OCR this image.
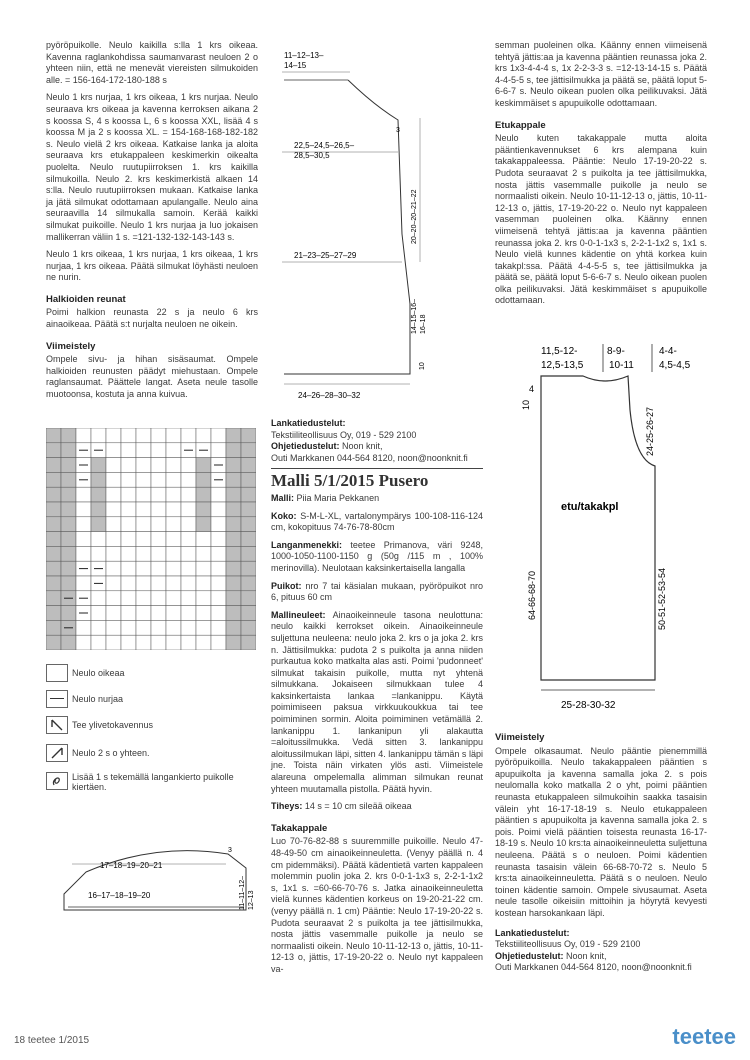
pyöröpuikolle. Neulo kaikilla s:lla 1 krs oikeaa. Kavenna raglankohdissa saumanvarast neuloen 2 o yhteen niin, että ne menevät viereisten silmukoiden alle. = 156-164-172-180-188 s

Neulo 1 krs nurjaa, 1 krs oikeaa, 1 krs nurjaa. Neulo seuraava krs oikeaa ja kavenna kerroksen aikana 2 s koossa S, 4 s koossa L, 6 s koossa XXL, lisää 4 s koossa M ja 2 s koossa XL. = 154-168-168-182-182 s. Neulo vielä 2 krs oikeaa. Katkaise lanka ja aloita seuraava krs etukappaleen keskimerkin oikealta puolelta. Neulo ruutupiirroksen 1. krs kaikilla silmukoilla. Neulo 2. krs keskimerkistä alkaen 14 s:lla. Neulo ruutupiirroksen mukaan. Katkaise lanka ja jätä silmukat odottamaan apulangalle. Neulo aina seuraavilla 14 silmukalla samoin. Kerää kaikki silmukat puikoille. Neulo 1 krs nurjaa ja luo jokaisen mallikerran väliin 1 s. =121-132-132-143-143 s.

Neulo 1 krs oikeaa, 1 krs nurjaa, 1 krs oikeaa, 1 krs nurjaa, 1 krs oikeaa. Päätä silmukat löyhästi neuloen ne nurin.

Halkioiden reunat

Poimi halkion reunasta 22 s ja neulo 6 krs ainaoikeaa. Päätä s:t nurjalta neuloen ne oikein.

Viimeistely

Ompele sivu- ja hihan sisäsaumat. Ompele halkioiden reunusten päädyt miehustaan. Ompele raglansaumat. Päättele langat. Aseta neule tasolle muotoonsa, kostuta ja anna kuivua.

Neulo oikeaa
Neulo nurjaa
Tee ylivetokavennus
Neulo 2 s o yhteen.
Lisää 1 s tekemällä langankierto puikolle kiertäen.
17–18–19–20–21
16–17–18–19–20
3
11–11–12– 12–13
11–12–13–
14–15
3
22,5–24,5–26,5–
28,5–30,5
21–23–25–27–29
24–26–28–30–32
20–20–20–21–22
14–15–16– 16–18
10
Lankatiedustelut:
Tekstiiliteollisuus Oy, 019 - 529 2100
Ohjetiedustelut: Noon knit,
Outi Markkanen 044-564 8120, noon@noonknit.fi
Malli 5/1/2015 Pusero

Malli: Piia Maria Pekkanen

Koko: S-M-L-XL, vartalonympärys 100-108-116-124 cm, kokopituus 74-76-78-80cm

Langanmenekki: teetee Primanova, väri 9248, 1000-1050-1100-1150 g (50g /115 m , 100% merinovilla). Neulotaan kaksinkertaisella langalla

Puikot: nro 7 tai käsialan mukaan, pyöröpuikot nro 6, pituus 60 cm

Mallineuleet: Ainaoikeinneule tasona neulottuna: neulo kaikki kerrokset oikein. Ainaoikeinneule suljettuna neuleena: neulo joka 2. krs o ja joka 2. krs n. Jättisilmukka: pudota 2 s puikolta ja anna niiden purkautua koko matkalta alas asti. Poimi 'pudonneet' silmukat takaisin puikolle, mutta nyt yhtenä silmukkana. Jokaiseen silmukkaan tulee 4 kaksinkertaista lankaa =lankanippu. Käytä poimimiseen paksua virkkuukoukkua tai tee poimiminen sormin. Aloita poimiminen vetämällä 2. lankanippu 1. lankanipun yli alakautta =aloitussilmukka. Vedä sitten 3. lankanippu aloitussilmukan läpi, sitten 4. lankanippu tämän s läpi jne. Toista näin virkaten ylös asti. Viimeistele alareuna ompelemalla alimman silmukan reunat yhteen muutamalla pistolla. Päätä hyvin.

Tiheys: 14 s = 10 cm sileää oikeaa

Takakappale

Luo 70-76-82-88 s suuremmille puikoille. Neulo 47-48-49-50 cm ainaoikeinneuletta. (Venyy päällä n. 4 cm pidemmäksi). Päätä kädentietä varten kappaleen molemmin puolin joka 2. krs 0-0-1-1x3 s, 2-2-1-1x2 s, 1x1 s. =60-66-70-76 s. Jatka ainaoikeinneuletta vielä kunnes kädentien korkeus on 19-20-21-22 cm. (venyy päällä n. 1 cm) Pääntie: Neulo 17-19-20-22 s. Pudota seuraavat 2 s puikolta ja tee jättisilmukka, nosta jättis vasemmalle puikolle ja neulo se normaalisti oikein. Neulo 10-11-12-13 o, jättis, 10-11-12-13 o, jättis, 17-19-20-22 o. Neulo nyt kappaleen va-

semman puoleinen olka. Käänny ennen viimeisenä tehtyä jättis:aa ja kavenna pääntien reunassa joka 2. krs 1x3-4-4-4 s, 1x 2-2-3-3 s. =12-13-14-15 s. Päätä 4-4-5-5 s, tee jättisilmukka ja päätä se, päätä loput 5-6-6-7 s. Neulo oikean puolen olka peilikuvaksi. Jätä keskimmäiset s apupuikolle odottamaan.

Etukappale

Neulo kuten takakappale mutta aloita pääntienkavennukset 6 krs alempana kuin takakappaleessa. Pääntie: Neulo 17-19-20-22 s. Pudota seuraavat 2 s puikolta ja tee jättisilmukka, nosta jättis vasemmalle puikolle ja neulo se normaalisti oikein. Neulo 10-11-12-13 o, jättis, 10-11-12-13 o, jättis, 17-19-20-22 o. Neulo nyt kappaleen vasemman puoleinen olka. Käänny ennen viimeisenä tehtyä jättis:aa ja kavenna pääntien reunassa joka 2. krs 0-0-1-1x3 s, 2-2-1-1x2 s, 1x1 s. Neulo vielä kunnes kädentie on yhtä korkea kuin takakpl:ssa. Päätä 4-4-5-5 s, tee jättisilmukka ja päätä se, päätä loput 5-6-6-7 s. Neulo oikean puolen olka peilikuvaksi. Jätä keskimmäiset s apupuikolle odottamaan.

11,5-12-
12,5-13,5
8-9-
10-11
4-4-
4,5-4,5
10
4
24-25-26-27
64-66-68-70	50-51-52-53-54
etu/takakpl
25-28-30-32
Viimeistely

Ompele olkasaumat. Neulo pääntie pienemmillä pyöröpuikoilla. Neulo takakappaleen pääntien s apupuikolta ja kavenna samalla joka 2. s pois neulomalla koko matkalla 2 o yht, poimi pääntien reunasta etukappaleen silmukoihin saakka tasaisin välein yht 16-17-18-19 s. Neulo etukappaleen pääntien s apupuikolta ja kavenna samalla joka 2. s pois. Poimi vielä pääntien toisesta reunasta 16-17-18-19 s. Neulo 10 krs:ta ainaoikeinneuletta suljettuna neuleena. Päätä s o neuloen. Poimi kädentien reunasta tasaisin välein 66-68-70-72 s. Neulo 5 krs:ta ainaoikeinneuletta. Päätä s o neuloen. Neulo toinen kädentie samoin. Ompele sivusaumat. Aseta neule tasolle oikeisiin mittoihin ja höyrytä kevyesti kostean harsokankaan läpi.

Lankatiedustelut:
Tekstiiliteollisuus Oy, 019 - 529 2100
Ohjetiedustelut: Noon knit,
Outi Markkanen 044-564 8120, noon@noonknit.fi
18 teetee 1/2015	teetee
